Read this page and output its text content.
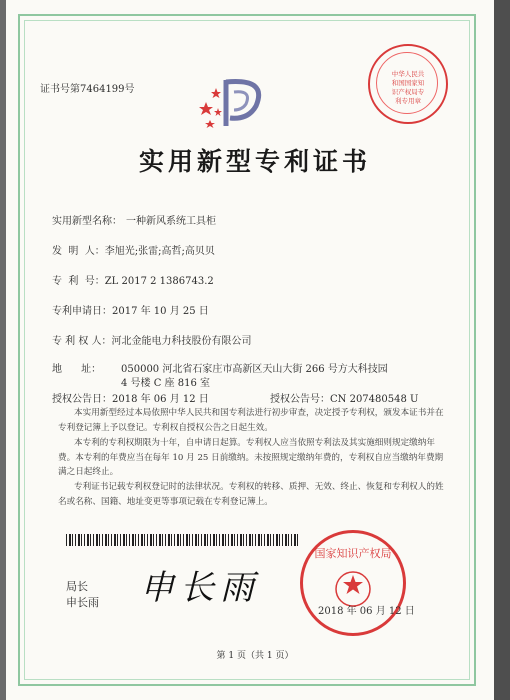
证书号第7464199号
中华人民共和国国家知识产权局专利专用章
实用新型专利证书
实用新型名称： 一种新风系统工具柜
发  明  人：李旭光;张雷;高哲;高贝贝
专  利  号：ZL 2017 2 1386743.2
专利申请日：2017 年 10 月 25 日
专 利 权 人：河北金能电力科技股份有限公司
地      址： 050000 河北省石家庄市高新区天山大街 266 号方大科技园
4 号楼 C 座 816 室
授权公告日：2018 年 06 月 12 日	授权公告号：CN 207480548 U
本实用新型经过本局依照中华人民共和国专利法进行初步审查，决定授予专利权，颁发本证书并在专利登记簿上予以登记。专利权自授权公告之日起生效。
本专利的专利权期限为十年，自申请日起算。专利权人应当依照专利法及其实施细则规定缴纳年费。本专利的年费应当在每年 10 月 25 日前缴纳。未按照规定缴纳年费的，专利权自应当缴纳年费期满之日起终止。
专利证书记载专利权登记时的法律状况。专利权的转移、质押、无效、终止、恢复和专利权人的姓名或名称、国籍、地址变更等事项记载在专利登记簿上。
局长
申长雨 申长雨
国家知识产权局
2018 年 06 月 12 日
第 1 页（共 1 页）
